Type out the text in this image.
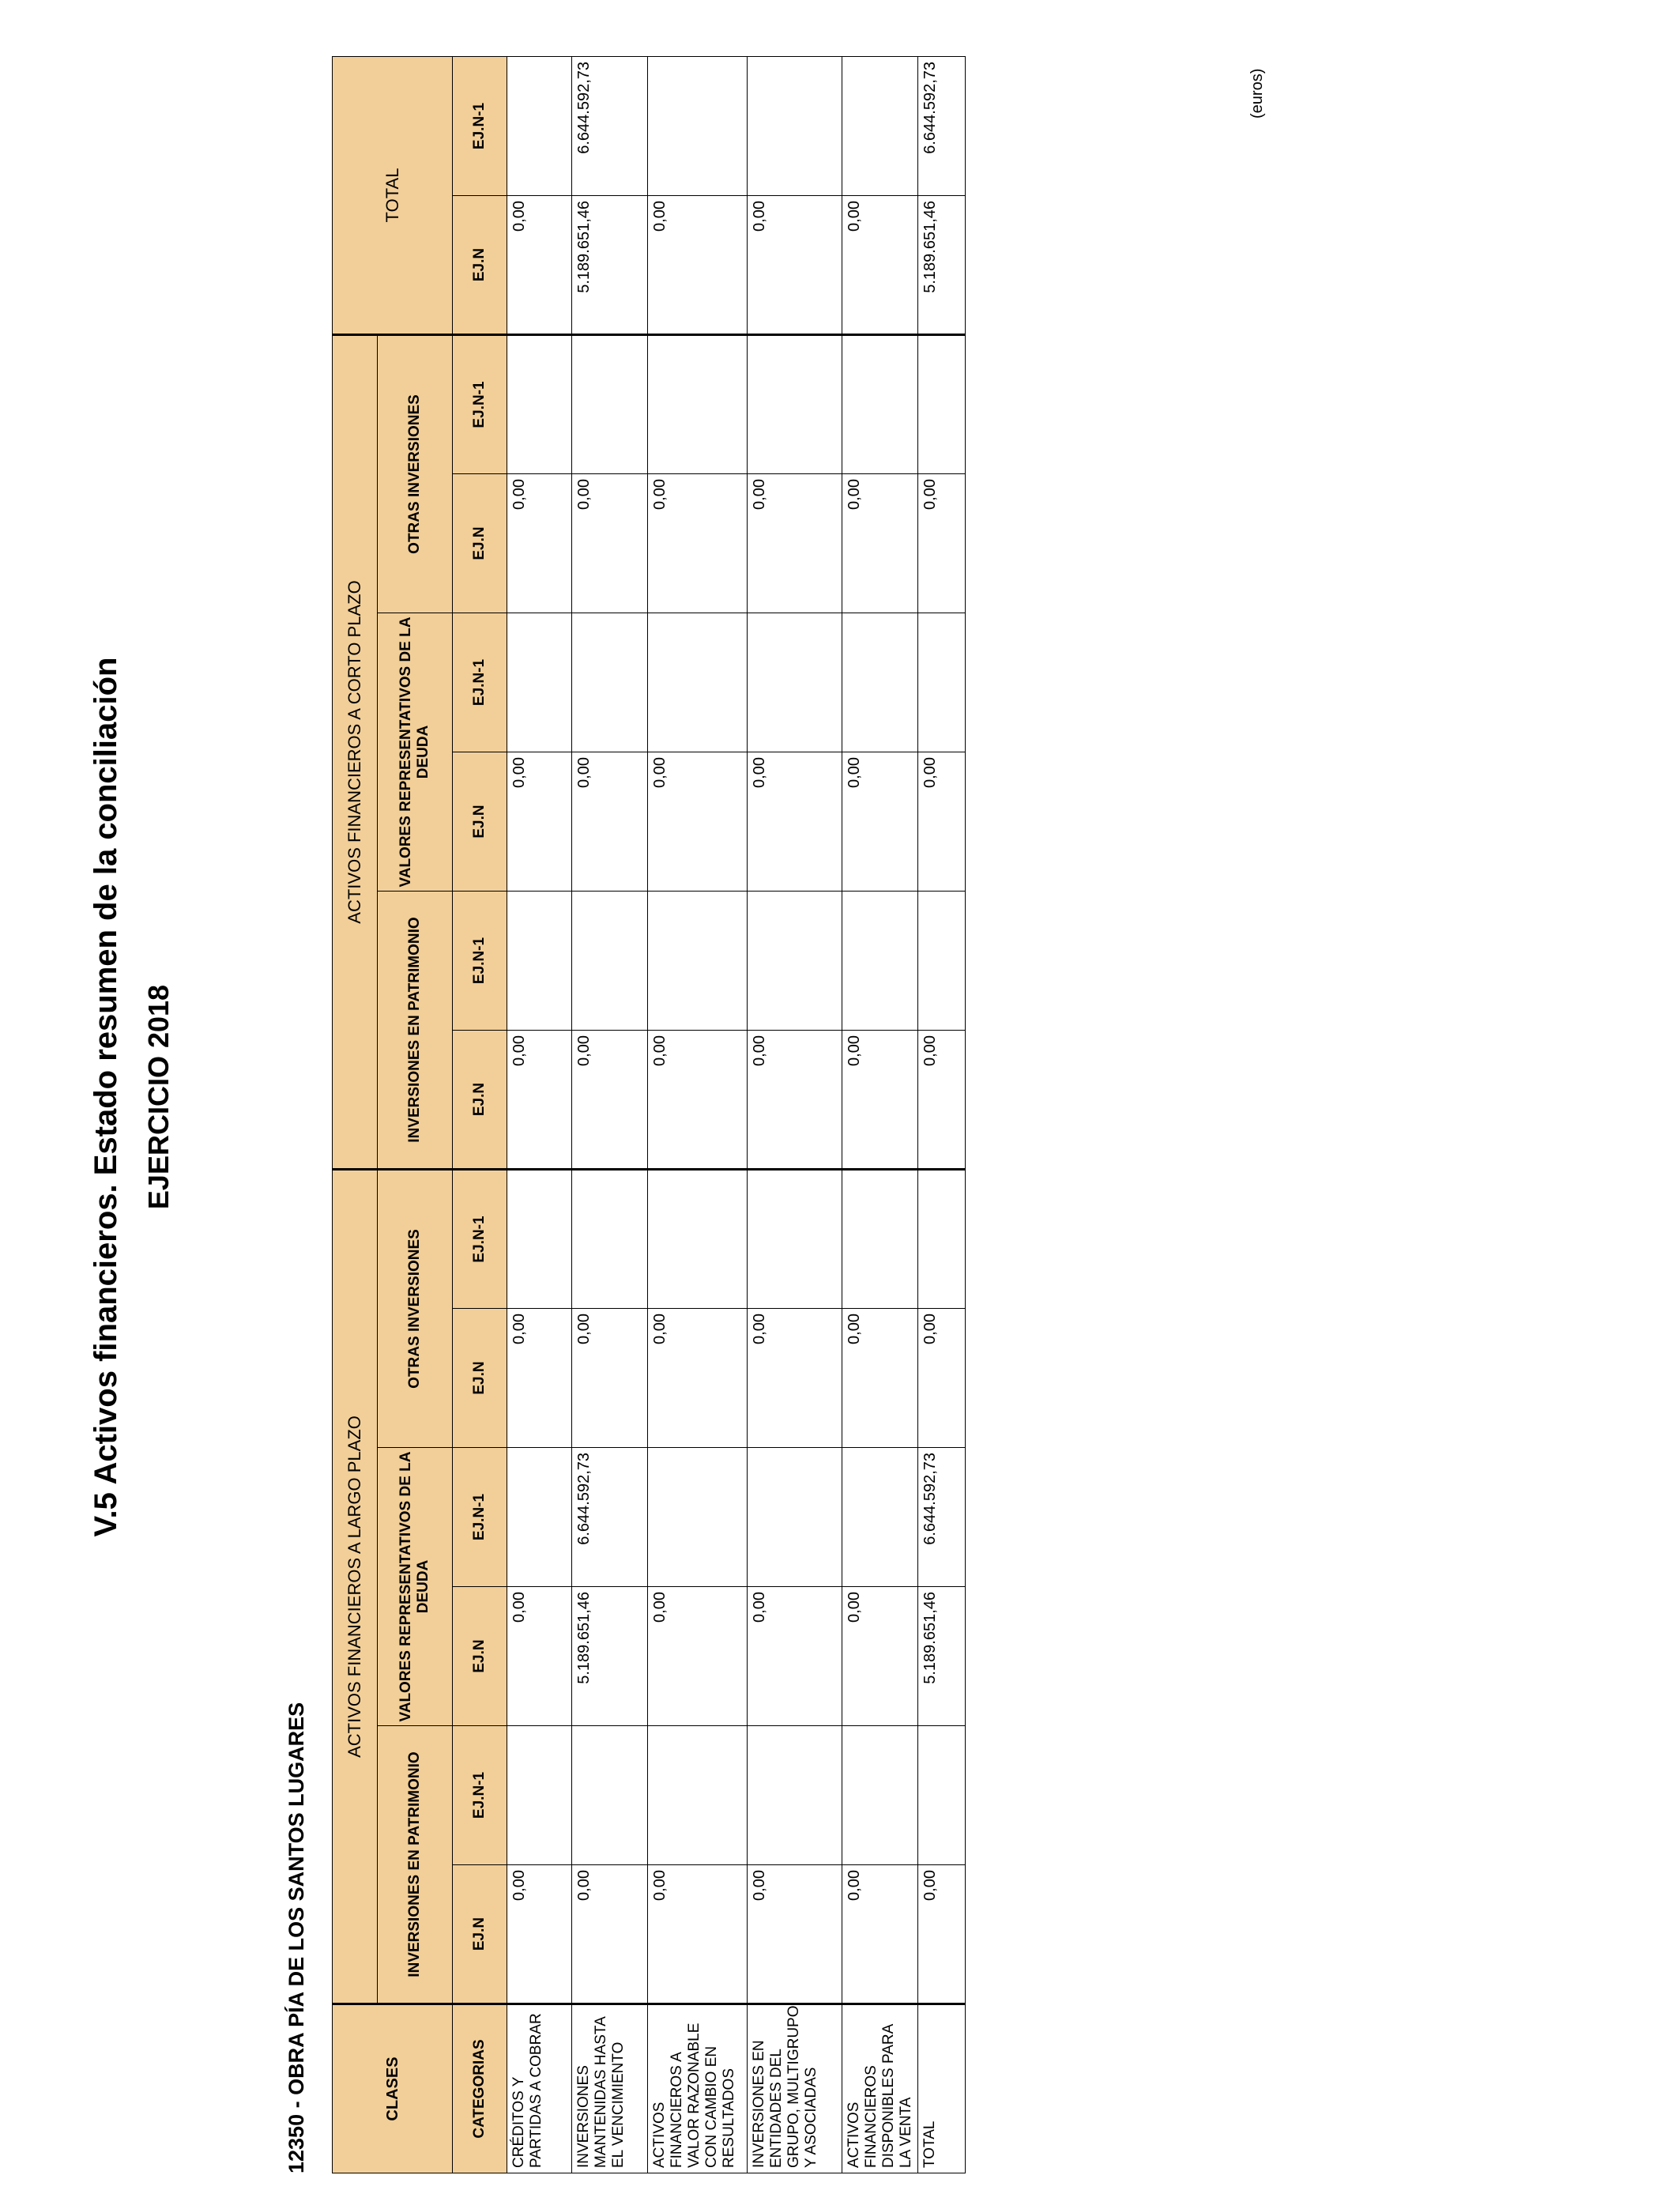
V.5 Activos financieros. Estado resumen de la conciliación EJERCICIO 2018
12350 - OBRA PÍA DE LOS SANTOS LUGARES
(euros)
CLASES	ACTIVOS FINANCIEROS A LARGO PLAZO						ACTIVOS FINANCIEROS A CORTO PLAZO						TOTAL	
	INVERSIONES EN PATRIMONIO		VALORES REPRESENTATIVOS DE LA DEUDA		OTRAS INVERSIONES		INVERSIONES EN PATRIMONIO		VALORES REPRESENTATIVOS DE LA DEUDA		OTRAS INVERSIONES			
CATEGORIAS	EJ.N	EJ.N-1	EJ.N	EJ.N-1	EJ.N	EJ.N-1	EJ.N	EJ.N-1	EJ.N	EJ.N-1	EJ.N	EJ.N-1	EJ.N	EJ.N-1
CRÉDITOS Y PARTIDAS A COBRAR	0,00		0,00		0,00		0,00		0,00		0,00		0,00	
INVERSIONES MANTENIDAS HASTA EL VENCIMIENTO	0,00		5.189.651,46	6.644.592,73	0,00		0,00		0,00		0,00		5.189.651,46	6.644.592,73
ACTIVOS FINANCIEROS A VALOR RAZONABLE CON CAMBIO EN RESULTADOS	0,00		0,00		0,00		0,00		0,00		0,00		0,00	
INVERSIONES EN ENTIDADES DEL GRUPO, MULTIGRUPO Y ASOCIADAS	0,00		0,00		0,00		0,00		0,00		0,00		0,00	
ACTIVOS FINANCIEROS DISPONIBLES PARA LA VENTA	0,00		0,00		0,00		0,00		0,00		0,00		0,00	
TOTAL	0,00		5.189.651,46	6.644.592,73	0,00		0,00		0,00		0,00		5.189.651,46	6.644.592,73
